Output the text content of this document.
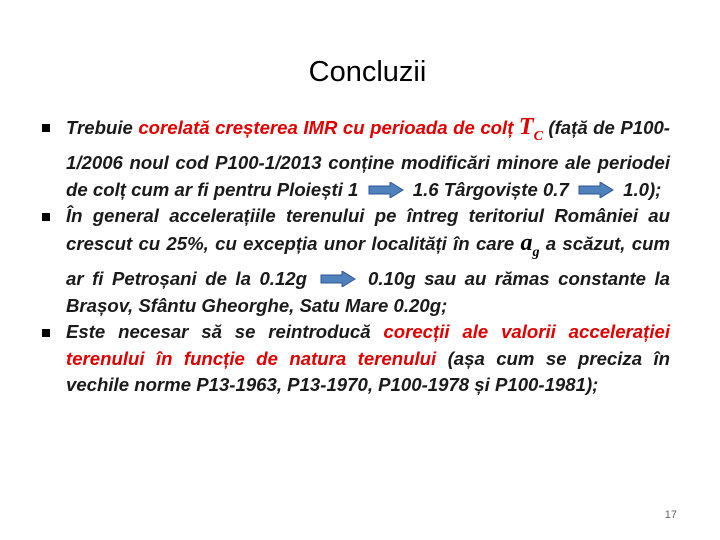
Concluzii
Trebuie corelată creșterea IMR cu perioada de colț $T_C$ (față de P100-1/2006 noul cod P100-1/2013 conține modificări minore ale periodei de colț cum ar fi pentru Ploiești 1  1.6 Târgoviște 0.7  1.0);
În general accelerațiile terenului pe întreg teritoriul României au crescut cu 25%, cu excepția unor localități în care $a_g$ a scăzut, cum ar fi Petroșani de la 0.12g  0.10g sau au rămas constante la Brașov, Sfântu Gheorghe, Satu Mare 0.20g;
Este necesar să se reintroducă corecții ale valorii accelerației terenului în funcție de natura terenului (așa cum se preciza în vechile norme P13-1963, P13-1970, P100-1978 și P100-1981);
17
